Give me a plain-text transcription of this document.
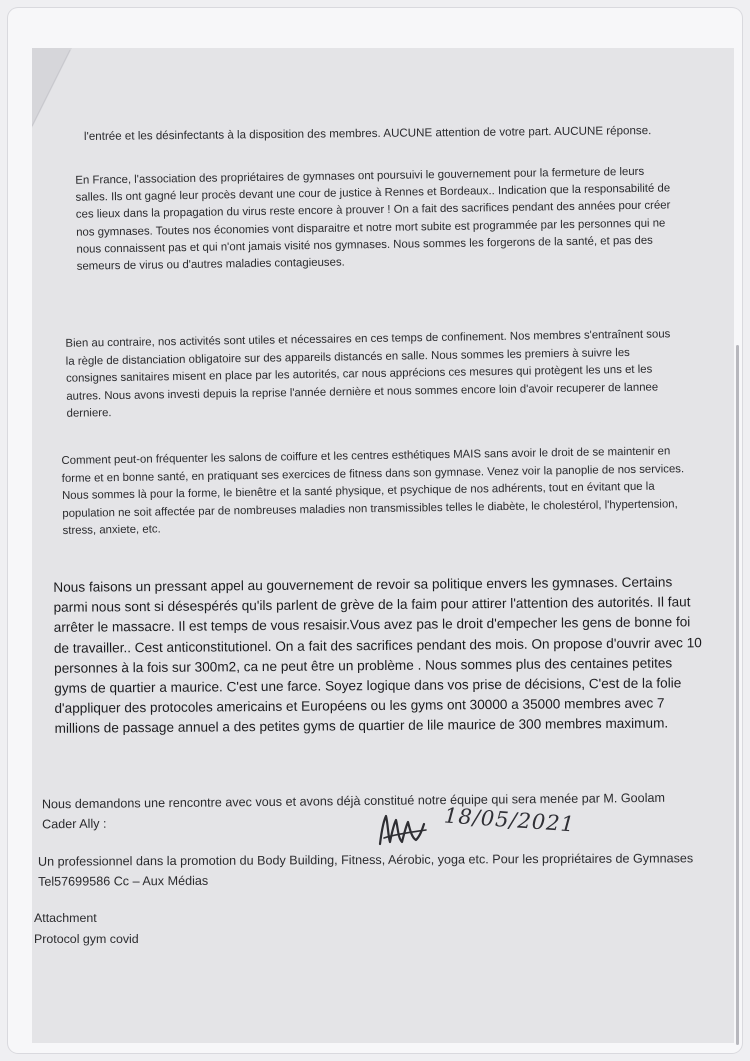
l'entrée et les désinfectants à la disposition des membres. AUCUNE attention de votre part. AUCUNE réponse.

En France, l'association des propriétaires de gymnases ont poursuivi le gouvernement pour la fermeture de leurs salles. Ils ont gagné leur procès devant une cour de justice à Rennes et Bordeaux.. Indication que la responsabilité de ces lieux dans la propagation du virus reste encore à prouver ! On a fait des sacrifices pendant des années pour créer nos gymnases. Toutes nos économies vont disparaitre et notre mort subite est programmée par les personnes qui ne nous connaissent pas et qui n'ont jamais visité nos gymnases. Nous sommes les forgerons de la santé, et pas des semeurs de virus ou d'autres maladies contagieuses.

Bien au contraire, nos activités sont utiles et nécessaires en ces temps de confinement. Nos membres s'entraînent sous la règle de distanciation obligatoire sur des appareils distancés en salle. Nous sommes les premiers à suivre les consignes sanitaires misent en place par les autorités, car nous apprécions ces mesures qui protègent les uns et les autres. Nous avons investi depuis la reprise l'année dernière et nous sommes encore loin d'avoir recuperer de lannee derniere.

Comment peut-on fréquenter les salons de coiffure et les centres esthétiques MAIS sans avoir le droit de se maintenir en forme et en bonne santé, en pratiquant ses exercices de fitness dans son gymnase. Venez voir la panoplie de nos services. Nous sommes là pour la forme, le bienêtre et la santé physique, et psychique de nos adhérents, tout en évitant que la population ne soit affectée par de nombreuses maladies non transmissibles telles le diabète, le cholestérol, l'hypertension, stress, anxiete, etc.

Nous faisons un pressant appel au gouvernement de revoir sa politique envers les gymnases. Certains parmi nous sont si désespérés qu'ils parlent de grève de la faim pour attirer l'attention des autorités. Il faut arrêter le massacre. Il est temps de vous resaisir.Vous avez pas le droit d'empecher les gens de bonne foi de travailler.. Cest anticonstitutionel. On a fait des sacrifices pendant des mois. On propose d'ouvrir avec 10 personnes à la fois sur 300m2, ca ne peut être un problème . Nous sommes plus des centaines petites gyms de quartier a maurice. C'est une farce. Soyez logique dans vos prise de décisions, C'est de la folie d'appliquer des protocoles americains et Européens ou les gyms ont 30000 a 35000 membres avec 7 millions de passage annuel a des petites gyms de quartier de lile maurice de 300 membres maximum.

Nous demandons une rencontre avec vous et avons déjà constitué notre équipe qui sera menée par M. Goolam Cader Ally :	18/05/2021

Un professionnel dans la promotion du Body Building, Fitness, Aérobic, yoga etc. Pour les propriétaires de Gymnases Tel57699586 Cc – Aux Médias

Attachment
Protocol gym covid
